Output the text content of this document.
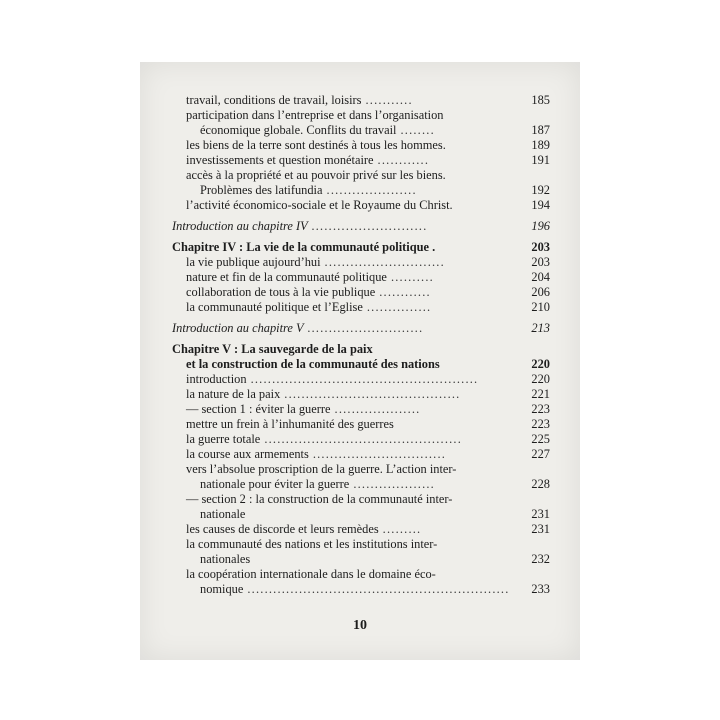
travail, conditions de travail, loisirs ...........	185
participation dans l’entreprise et dans l’organisation
économique globale. Conflits du travail ........	187
les biens de la terre sont destinés à tous les hommes.	189
investissements et question monétaire ............	191
accès à la propriété et au pouvoir privé sur les biens.
Problèmes des latifundia .....................	192
l’activité économico-sociale et le Royaume du Christ.	194
Introduction au chapitre IV ...........................	196
Chapitre IV : La vie de la communauté politique .	203
la vie publique aujourd’hui ............................	203
nature et fin de la communauté politique ..........	204
collaboration de tous à la vie publique ............	206
la communauté politique et l’Eglise ...............	210
Introduction au chapitre V ...........................	213
Chapitre V : La sauvegarde de la paix
et la construction de la communauté des nations	220
introduction .....................................................	220
la nature de la paix .........................................	221
— section 1 : éviter la guerre ....................	223
mettre un frein à l’inhumanité des guerres	223
la guerre totale ..............................................	225
la course aux armements ...............................	227
vers l’absolue proscription de la guerre. L’action inter-
nationale pour éviter la guerre ...................	228
— section 2 : la construction de la communauté inter-
nationale	231
les causes de discorde et leurs remèdes .........	231
la communauté des nations et les institutions inter-
nationales	232
la coopération internationale dans le domaine éco-
nomique ............................................................. 233
10
